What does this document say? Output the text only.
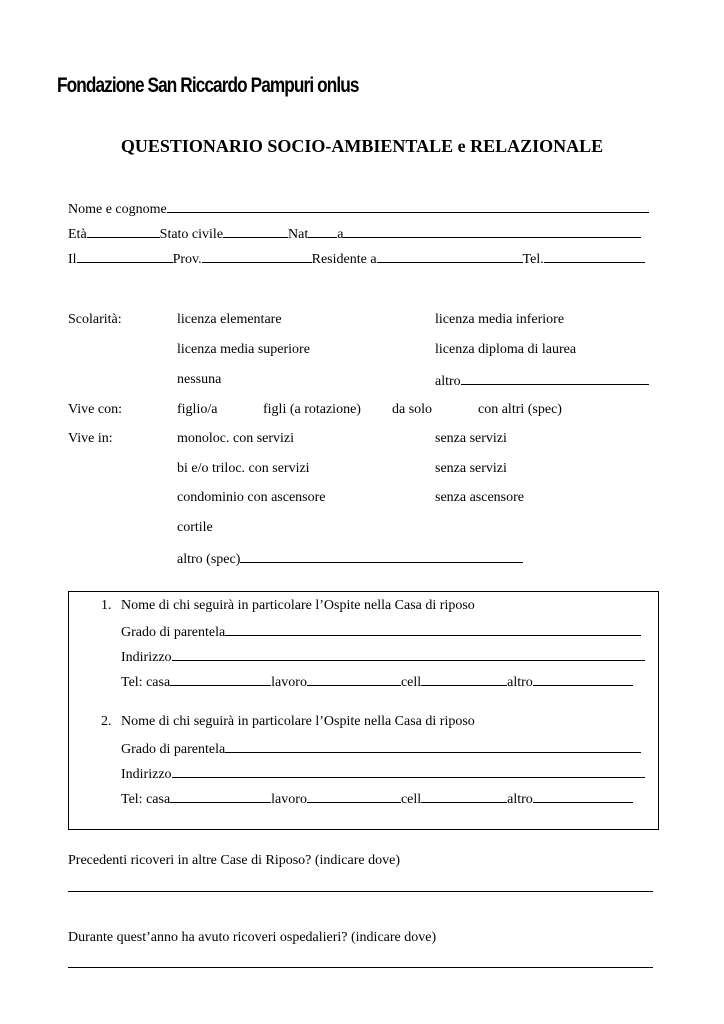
Fondazione San Riccardo Pampuri onlus
QUESTIONARIO SOCIO-AMBIENTALE e RELAZIONALE
Nome e cognome
Età	Stato civile	Nat a
Il	Prov.	Residente a	Tel.
Scolarità:	licenza elementare	licenza media inferiore
licenza media superiore	licenza diploma di laurea
nessuna	altro
Vive con:	figlio/a	figli (a rotazione) da solo	con altri (spec)
Vive in:	monoloc. con servizi	senza servizi
bi e/o triloc. con servizi	senza servizi
condominio con ascensore	senza ascensore
cortile
altro (spec)
1. Nome di chi seguirà in particolare l’Ospite nella Casa di riposo
Grado di parentela
Indirizzo
Tel: casa	lavoro	cell	altro
2. Nome di chi seguirà in particolare l’Ospite nella Casa di riposo
Grado di parentela
Indirizzo
Tel: casa	lavoro	cell	altro
Precedenti ricoveri in altre Case di Riposo? (indicare dove)
Durante quest’anno ha avuto ricoveri ospedalieri? (indicare dove)
